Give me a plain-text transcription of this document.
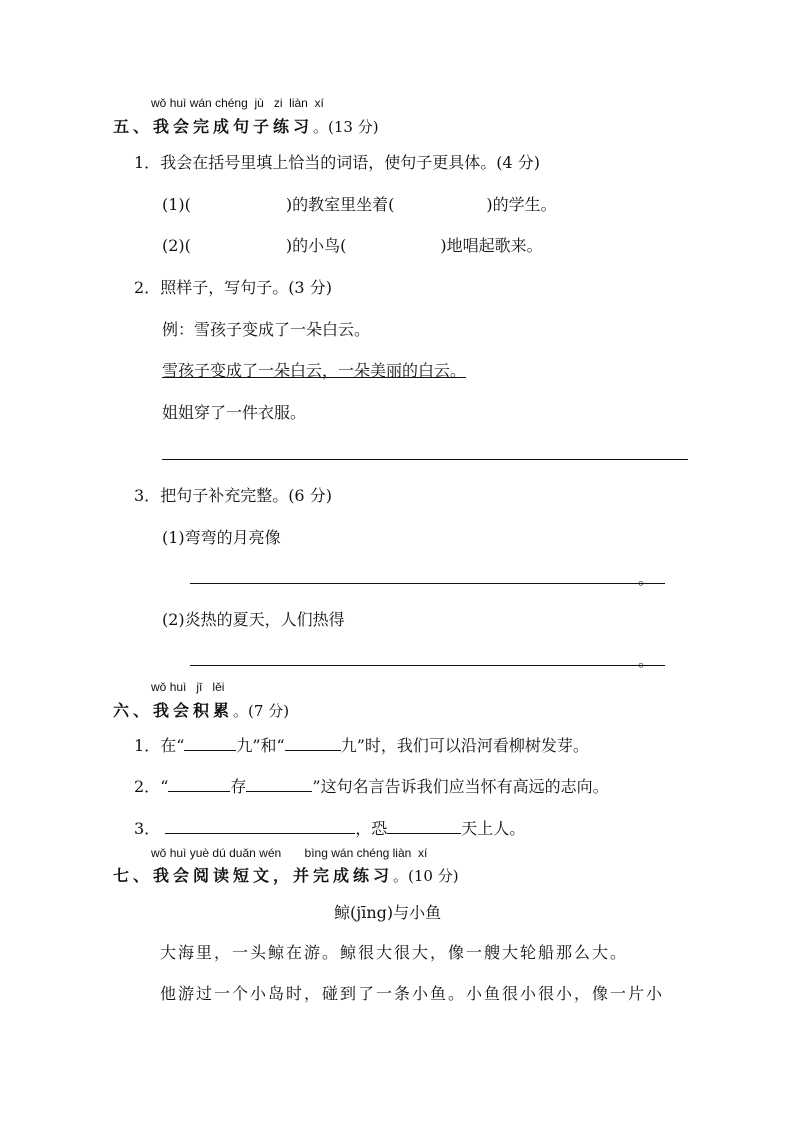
wǒ huì wán chéng jù zi liàn xí
五、我会完成句子练习。(13 分)
1．我会在括号里填上恰当的词语，使句子更具体。(4 分)
(1)(	)的教室里坐着(	)的学生。
(2)(	)的小鸟(	)地唱起歌来。
2．照样子，写句子。(3 分)
例：雪孩子变成了一朵白云。
雪孩子变成了一朵白云，一朵美丽的白云。
姐姐穿了一件衣服。
3．把句子补充完整。(6 分)
(1)弯弯的月亮像
。
(2)炎热的夏天，人们热得
。
wǒ huì jī lěi
六、我会积累。(7 分)
1．在“	九”和“	九”时，我们可以沿河看柳树发芽。
2．“	存	”这句名言告诉我们应当怀有高远的志向。
3．	，恐	天上人。
wǒ huì yuè dú duǎn wén bìng wán chéng liàn xí
七、我会阅读短文，并完成练习。(10 分)
鲸(jīng)与小鱼
大海里，一头鲸在游。鲸很大很大，像一艘大轮船那么大。
他游过一个小岛时，碰到了一条小鱼。小鱼很小很小，像一片小
